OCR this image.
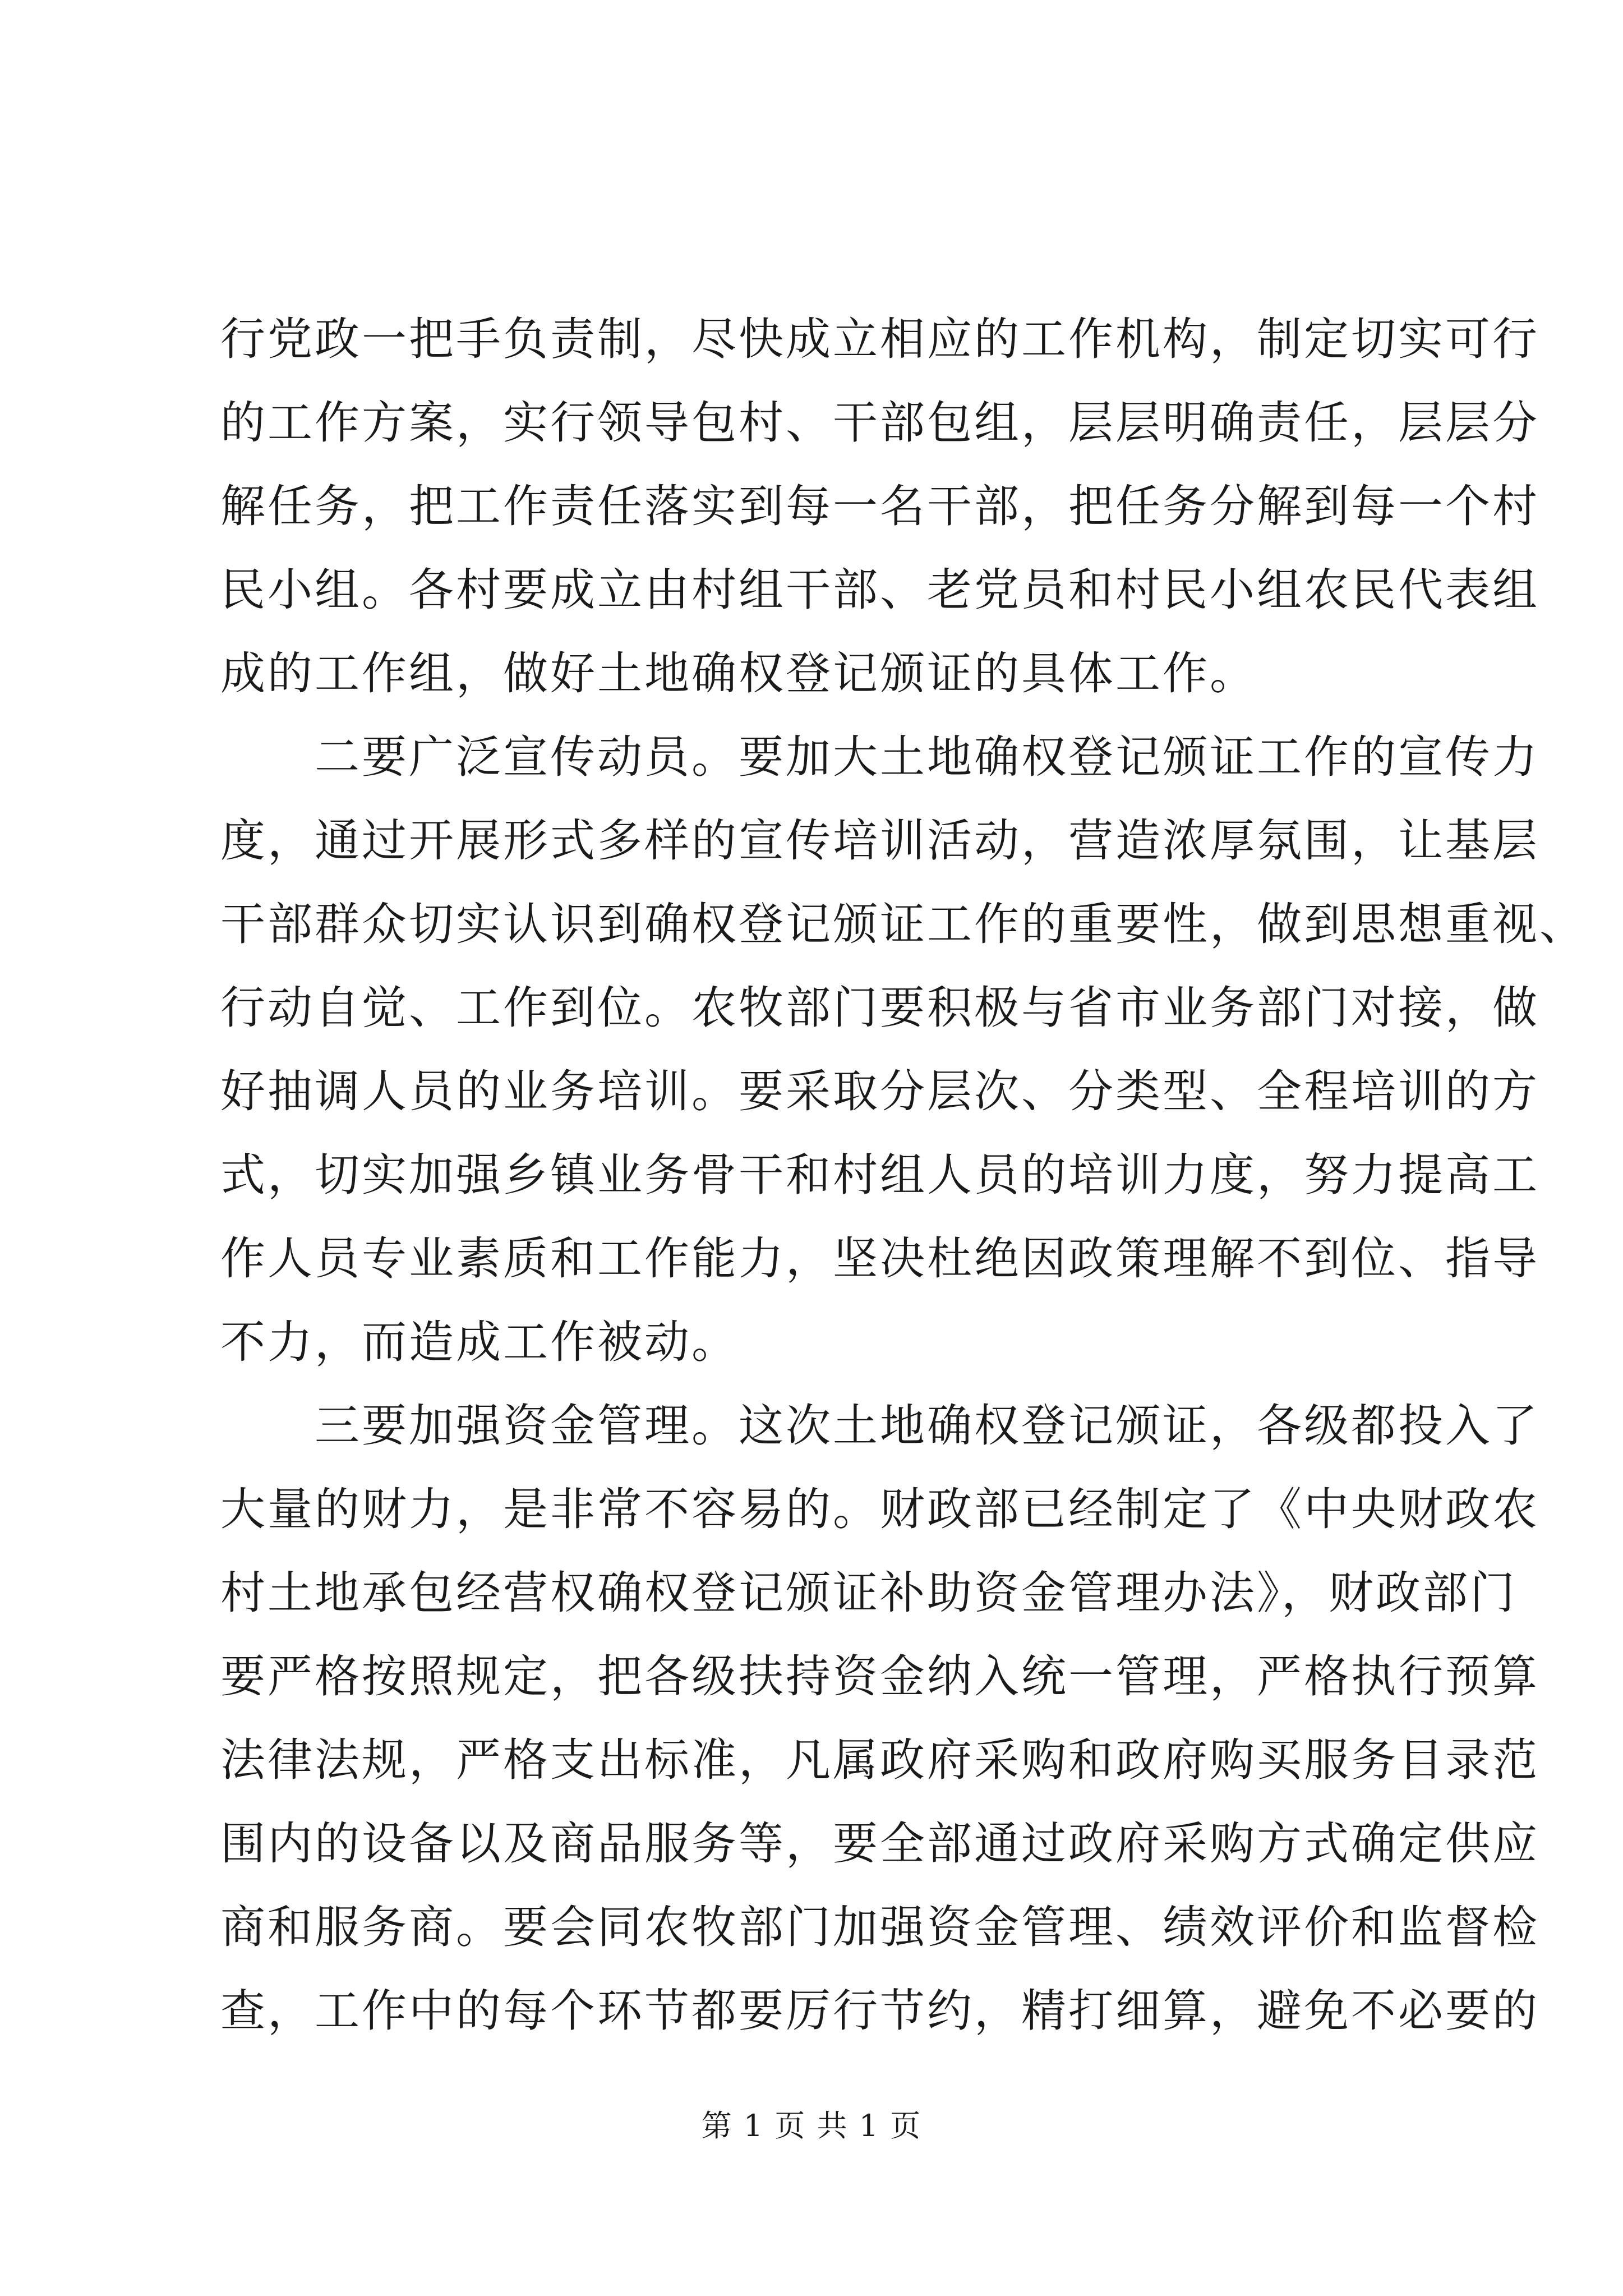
行党政一把手负责制，尽快成立相应的工作机构，制定切实可行
的工作方案，实行领导包村、干部包组，层层明确责任，层层分
解任务，把工作责任落实到每一名干部，把任务分解到每一个村
民小组。各村要成立由村组干部、老党员和村民小组农民代表组
成的工作组，做好土地确权登记颁证的具体工作。
二要广泛宣传动员。要加大土地确权登记颁证工作的宣传力
度，通过开展形式多样的宣传培训活动，营造浓厚氛围，让基层
干部群众切实认识到确权登记颁证工作的重要性，做到思想重视、
行动自觉、工作到位。农牧部门要积极与省市业务部门对接，做
好抽调人员的业务培训。要采取分层次、分类型、全程培训的方
式，切实加强乡镇业务骨干和村组人员的培训力度，努力提高工
作人员专业素质和工作能力，坚决杜绝因政策理解不到位、指导
不力，而造成工作被动。
三要加强资金管理。这次土地确权登记颁证，各级都投入了
大量的财力，是非常不容易的。财政部已经制定了《中央财政农
村土地承包经营权确权登记颁证补助资金管理办法》，财政部门
要严格按照规定，把各级扶持资金纳入统一管理，严格执行预算
法律法规，严格支出标准，凡属政府采购和政府购买服务目录范
围内的设备以及商品服务等，要全部通过政府采购方式确定供应
商和服务商。要会同农牧部门加强资金管理、绩效评价和监督检
查，工作中的每个环节都要厉行节约，精打细算，避免不必要的
第 1 页 共 1 页
